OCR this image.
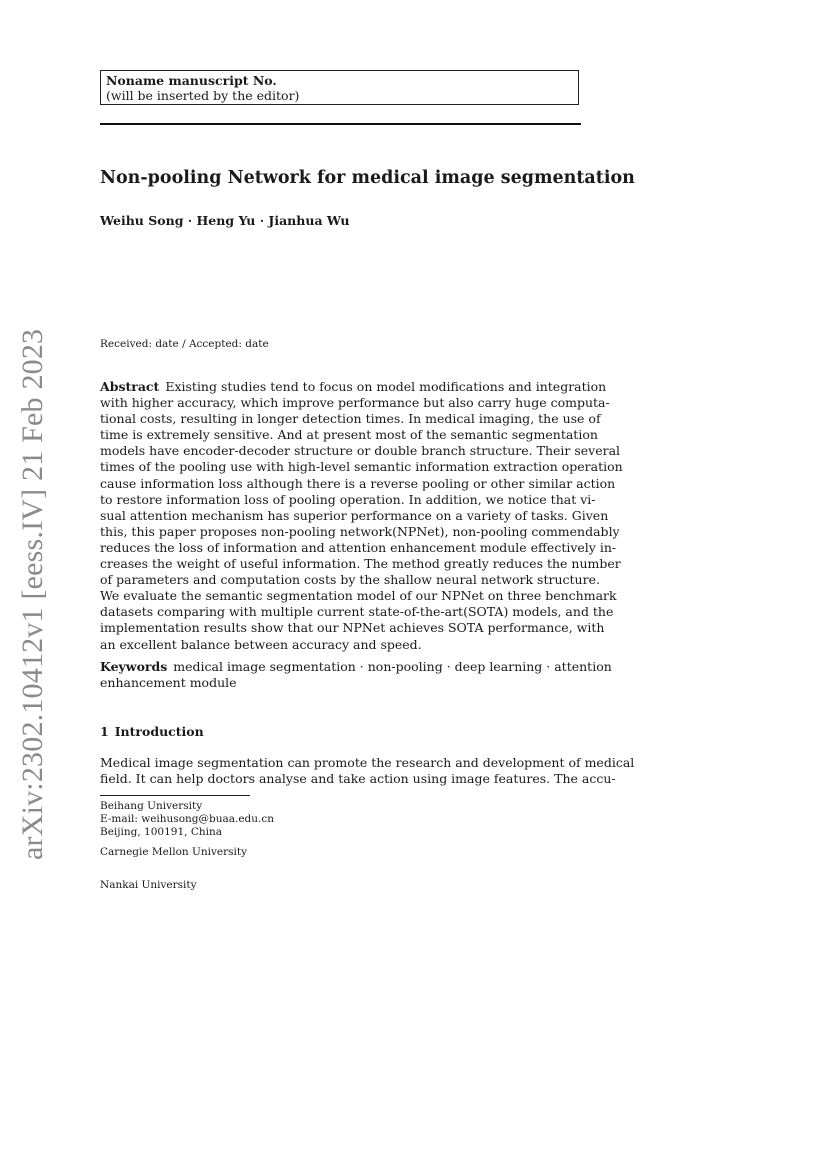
Noname manuscript No.
(will be inserted by the editor)
Non-pooling Network for medical image segmentation
Weihu Song · Heng Yu · Jianhua Wu
Received: date / Accepted: date
Abstract Existing studies tend to focus on model modifications and integration
with higher accuracy, which improve performance but also carry huge computa-
tional costs, resulting in longer detection times. In medical imaging, the use of
time is extremely sensitive. And at present most of the semantic segmentation
models have encoder-decoder structure or double branch structure. Their several
times of the pooling use with high-level semantic information extraction operation
cause information loss although there is a reverse pooling or other similar action
to restore information loss of pooling operation. In addition, we notice that vi-
sual attention mechanism has superior performance on a variety of tasks. Given
this, this paper proposes non-pooling network(NPNet), non-pooling commendably
reduces the loss of information and attention enhancement module effectively in-
creases the weight of useful information. The method greatly reduces the number
of parameters and computation costs by the shallow neural network structure.
We evaluate the semantic segmentation model of our NPNet on three benchmark
datasets comparing with multiple current state-of-the-art(SOTA) models, and the
implementation results show that our NPNet achieves SOTA performance, with
an excellent balance between accuracy and speed.
Keywords medical image segmentation · non-pooling · deep learning · attention
enhancement module
1 Introduction
Medical image segmentation can promote the research and development of medical
field. It can help doctors analyse and take action using image features. The accu-
Beihang University
E-mail: weihusong@buaa.edu.cn
Beijing, 100191, China
Carnegie Mellon University
Nankai University
arXiv:2302.10412v1 [eess.IV] 21 Feb 2023
